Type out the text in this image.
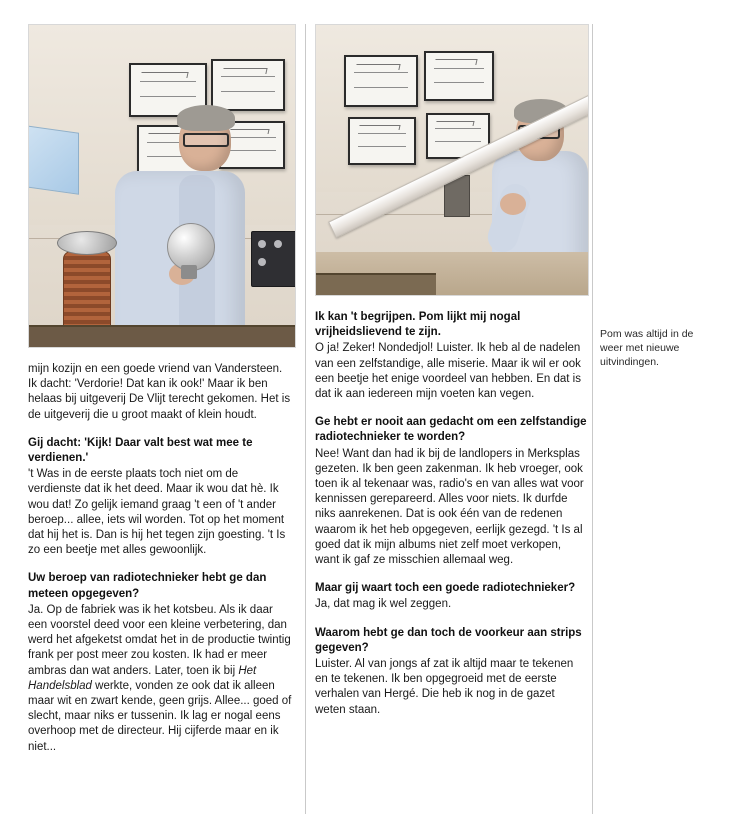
mijn kozijn en een goede vriend van Vandersteen. Ik dacht: 'Verdorie! Dat kan ik ook!' Maar ik ben helaas bij uitgeverij De Vlijt terecht gekomen. Het is de uitgeverij die u groot maakt of klein houdt.

Gij dacht: 'Kijk! Daar valt best wat mee te verdienen.'

't Was in de eerste plaats toch niet om de verdienste dat ik het deed. Maar ik wou dat hè. Ik wou dat! Zo gelijk iemand graag 't een of 't ander beroep... allee, iets wil worden. Tot op het moment dat hij het is. Dan is hij het tegen zijn goesting. 't Is zo een beetje met alles gewoonlijk.

Uw beroep van radiotechnieker hebt ge dan meteen opgegeven?

Ja. Op de fabriek was ik het kotsbeu. Als ik daar een voorstel deed voor een kleine verbetering, dan werd het afgeketst omdat het in de productie twintig frank per post meer zou kosten. Ik had er meer ambras dan wat anders. Later, toen ik bij Het Handelsblad werkte, vonden ze ook dat ik alleen maar wit en zwart kende, geen grijs. Allee... goed of slecht, maar niks er tussenin. Ik lag er nogal eens overhoop met de directeur. Hij cijferde maar en ik niet...

Ik kan 't begrijpen. Pom lijkt mij nogal vrijheidslievend te zijn.

O ja! Zeker! Nondedjol! Luister. Ik heb al de nadelen van een zelfstandige, alle miserie. Maar ik wil er ook een beetje het enige voordeel van hebben. En dat is dat ik aan iedereen mijn voeten kan vegen.

Ge hebt er nooit aan gedacht om een zelfstandige radiotechnieker te worden?

Nee! Want dan had ik bij de landlopers in Merksplas gezeten. Ik ben geen zakenman. Ik heb vroeger, ook toen ik al tekenaar was, radio's en van alles wat voor kennissen gerepareerd. Alles voor niets. Ik durfde niks aanrekenen. Dat is ook één van de redenen waarom ik het heb opgegeven, eerlijk gezegd. 't Is al goed dat ik mijn albums niet zelf moet verkopen, want ik gaf ze misschien allemaal weg.

Maar gij waart toch een goede radiotechnieker?

Ja, dat mag ik wel zeggen.

Waarom hebt ge dan toch de voorkeur aan strips gegeven?

Luister. Al van jongs af zat ik altijd maar te tekenen en te tekenen. Ik ben opgegroeid met de eerste verhalen van Hergé. Die heb ik nog in de gazet weten staan.

Pom was altijd in de weer met nieuwe uitvindingen.
